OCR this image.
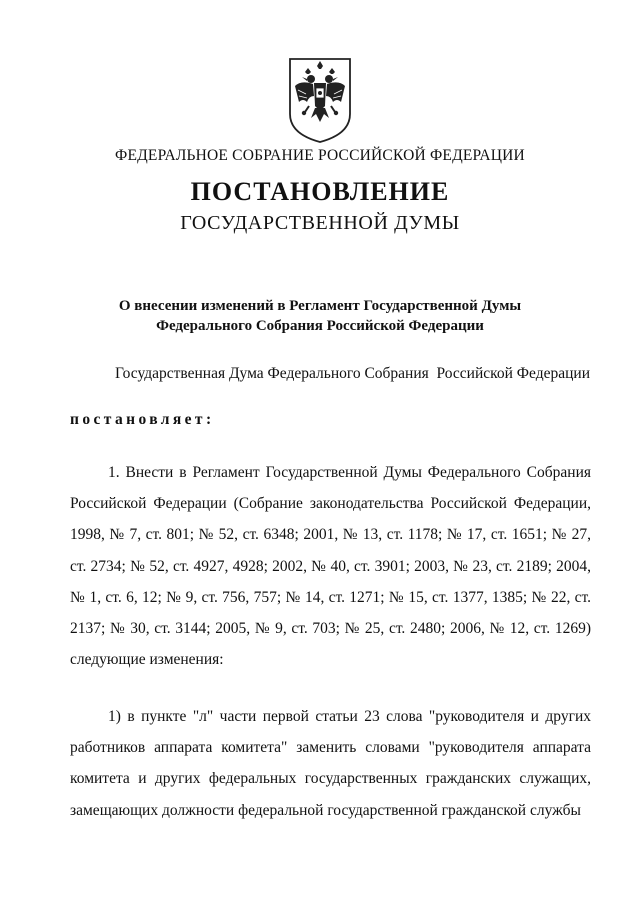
ФЕДЕРАЛЬНОЕ СОБРАНИЕ РОССИЙСКОЙ ФЕДЕРАЦИИ
ПОСТАНОВЛЕНИЕ
ГОСУДАРСТВЕННОЙ ДУМЫ
О внесении изменений в Регламент Государственной Думы
Федерального Собрания Российской Федерации
Государственная Дума Федерального Собрания  Российской Федерации
постановляет:

1. Внести в Регламент Государственной Думы Федерального Собрания Российской Федерации (Собрание законодательства Российской Федерации, 1998, № 7, ст. 801; № 52, ст. 6348; 2001, № 13, ст. 1178; № 17, ст. 1651; № 27, ст. 2734; № 52, ст. 4927, 4928; 2002, № 40, ст. 3901; 2003, № 23, ст. 2189; 2004, № 1, ст. 6, 12; № 9, ст. 756, 757; № 14, ст. 1271; № 15, ст. 1377, 1385; № 22, ст. 2137; № 30, ст. 3144; 2005, № 9, ст. 703; № 25, ст. 2480; 2006, № 12, ст. 1269) следующие изменения:

1) в пункте "л" части первой статьи 23 слова "руководителя и других работников аппарата комитета" заменить словами "руководителя аппарата комитета и других федеральных государственных гражданских служащих, замещающих должности федеральной государственной гражданской службы
